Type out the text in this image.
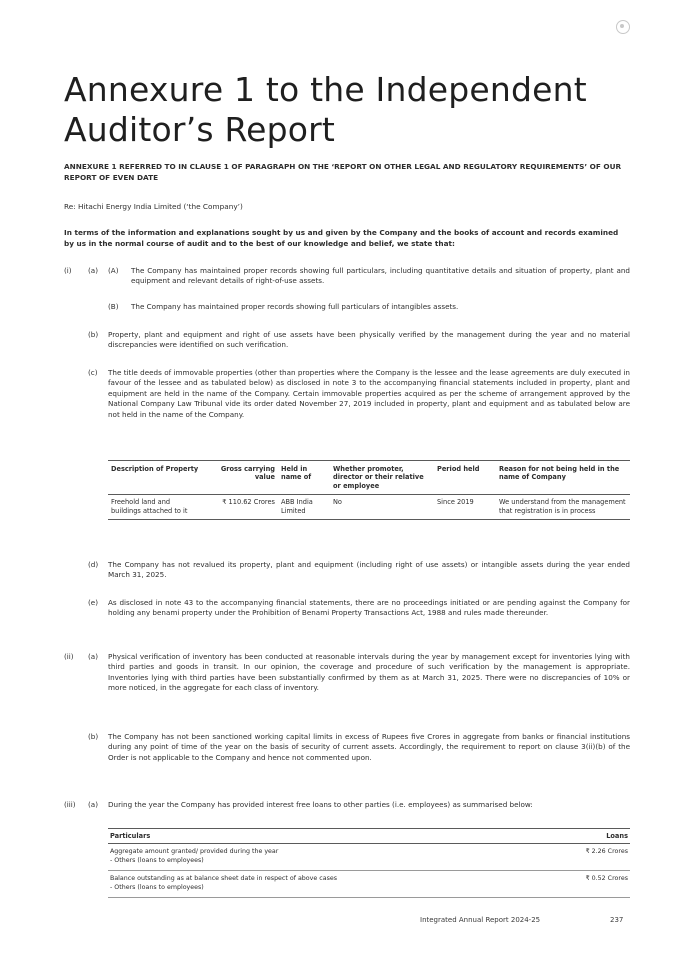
Annexure 1 to the Independent Auditor’s Report
ANNEXURE 1 REFERRED TO IN CLAUSE 1 OF PARAGRAPH ON THE ‘REPORT ON OTHER LEGAL AND REGULATORY REQUIREMENTS’ OF OUR REPORT OF EVEN DATE
Re: Hitachi Energy India Limited (‘the Company’)
In terms of the information and explanations sought by us and given by the Company and the books of account and records examined by us in the normal course of audit and to the best of our knowledge and belief, we state that:
(i) (a) (A) The Company has maintained proper records showing full particulars, including quantitative details and situation of property, plant and equipment and relevant details of right-of-use assets.
(B) The Company has maintained proper records showing full particulars of intangibles assets.
(b) Property, plant and equipment and right of use assets have been physically verified by the management during the year and no material discrepancies were identified on such verification.
(c) The title deeds of immovable properties (other than properties where the Company is the lessee and the lease agreements are duly executed in favour of the lessee and as tabulated below) as disclosed in note 3 to the accompanying financial statements included in property, plant and equipment are held in the name of the Company. Certain immovable properties acquired as per the scheme of arrangement approved by the National Company Law Tribunal vide its order dated November 27, 2019 included in property, plant and equipment and as tabulated below are not held in the name of the Company.
Description of Property	Gross carrying value	Held in name of	Whether promoter, director or their relative or employee	Period held	Reason for not being held in the name of Company
Freehold land and buildings attached to it	₹ 110.62 Crores	ABB India Limited	No	Since 2019	We understand from the management that registration is in process
(d) The Company has not revalued its property, plant and equipment (including right of use assets) or intangible assets during the year ended March 31, 2025.
(e) As disclosed in note 43 to the accompanying financial statements, there are no proceedings initiated or are pending against the Company for holding any benami property under the Prohibition of Benami Property Transactions Act, 1988 and rules made thereunder.
(ii) (a) Physical verification of inventory has been conducted at reasonable intervals during the year by management except for inventories lying with third parties and goods in transit. In our opinion, the coverage and procedure of such verification by the management is appropriate. Inventories lying with third parties have been substantially confirmed by them as at March 31, 2025. There were no discrepancies of 10% or more noticed, in the aggregate for each class of inventory.
(b) The Company has not been sanctioned working capital limits in excess of Rupees five Crores in aggregate from banks or financial institutions during any point of time of the year on the basis of security of current assets. Accordingly, the requirement to report on clause 3(ii)(b) of the Order is not applicable to the Company and hence not commented upon.
(iii) (a) During the year the Company has provided interest free loans to other parties (i.e. employees) as summarised below:
Particulars	Loans
Aggregate amount granted/ provided during the year
- Others (loans to employees)	₹ 2.26 Crores
Balance outstanding as at balance sheet date in respect of above cases
- Others (loans to employees)	₹ 0.52 Crores
Integrated Annual Report 2024-25	237
